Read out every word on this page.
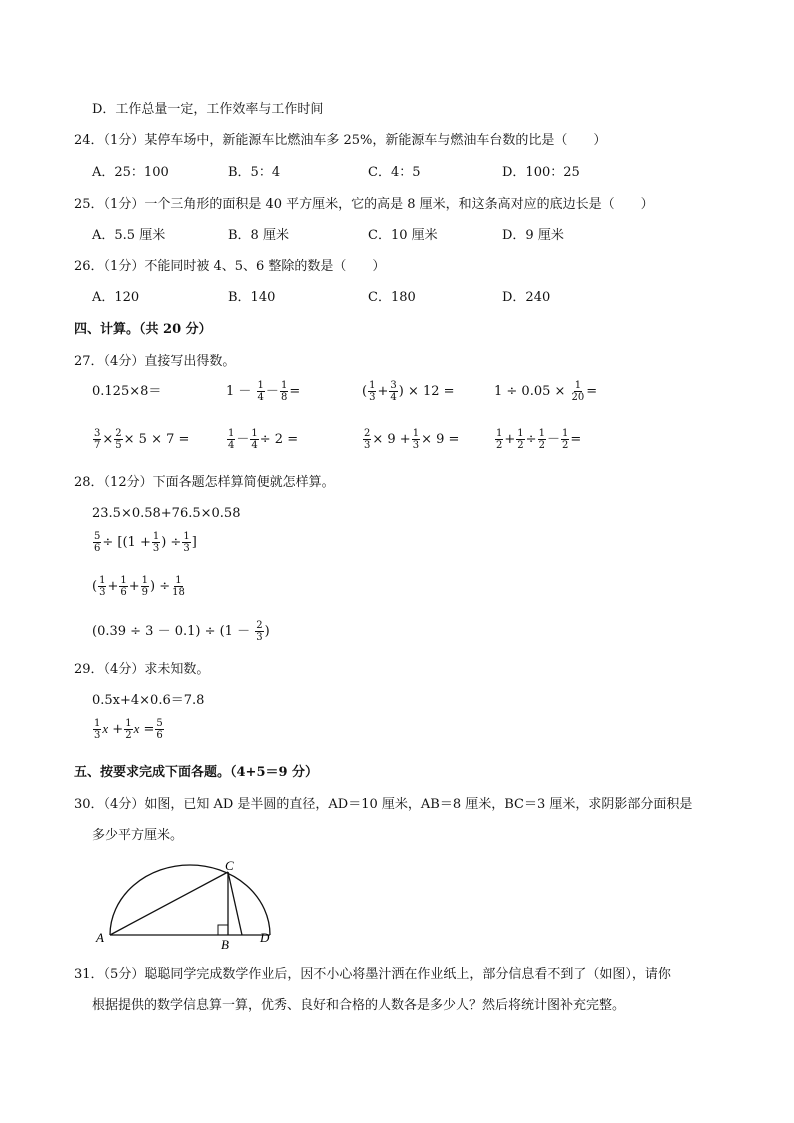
D．工作总量一定，工作效率与工作时间
24．（1分）某停车场中，新能源车比燃油车多 25%，新能源车与燃油车台数的比是（　　）
A．25：100	B．5：4	C．4：5	D．100：25
25．（1分）一个三角形的面积是 40 平方厘米，它的高是 8 厘米，和这条高对应的底边长是（　　）
A．5.5 厘米	B．8 厘米	C．10 厘米	D．9 厘米
26．（1分）不能同时被 4、5、6 整除的数是（　　）
A．120	B．140	C．180	D．240
四、计算。（共 20 分）
27．（4分）直接写出得数。
0.125×8＝	$1 - \frac{1}{4} - \frac{1}{8}$ =	( $\frac{1}{3} + \frac{3}{4}$ ) × 12 =	$1 \div 0.05 \times \frac{1}{20}$ =
$\frac{3}{7} \times \frac{2}{5} \times 5 \times 7$ =	$\frac{1}{4} - \frac{1}{4} \div 2$ =	$\frac{2}{3} \times 9 + \frac{1}{3} \times 9$ =	$\frac{1}{2} + \frac{1}{2} \div \frac{1}{2} - \frac{1}{2}$ =
28．（12分）下面各题怎样算简便就怎样算。
23.5×0.58+76.5×0.58
$\frac{5}{6} \div [(1 + \frac{1}{3}$ ) ÷ $\frac{1}{3}$ ]
( $\frac{1}{3} + \frac{1}{6} + \frac{1}{9}$ ) ÷ $\frac{1}{18}$
$(0.39 \div 3 - 0.1) \div (1 - \frac{2}{3}$ )
29．（4分）求未知数。
0.5x+4×0.6＝7.8
$\frac{1}{3}$ $x + \frac{1}{2}$ $x = \frac{5}{6}$
五、按要求完成下面各题。（4+5＝9 分）
30．（4分）如图，已知 AD 是半圆的直径，AD＝10 厘米，AB＝8 厘米，BC＝3 厘米，求阴影部分面积是
多少平方厘米。
A	B
C
D
31．（5分）聪聪同学完成数学作业后，因不小心将墨汁洒在作业纸上，部分信息看不到了（如图），请你
根据提供的数学信息算一算，优秀、良好和合格的人数各是多少人？然后将统计图补充完整。
